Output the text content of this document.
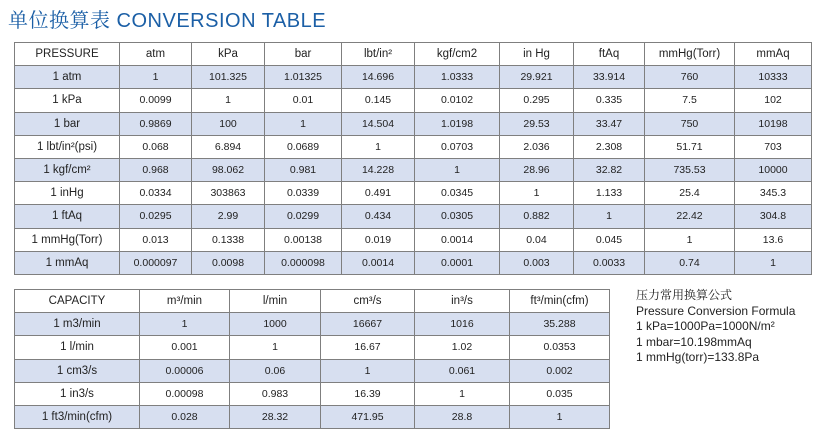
单位换算表 CONVERSION TABLE
PRESSURE	atm	kPa	bar	lbt/in²	kgf/cm2	in Hg	ftAq	mmHg(Torr)	mmAq
1 atm	1	101.325	1.01325	14.696	1.0333	29.921	33.914	760	10333
1 kPa	0.0099	1	0.01	0.145	0.0102	0.295	0.335	7.5	102
1 bar	0.9869	100	1	14.504	1.0198	29.53	33.47	750	10198
1 lbt/in²(psi)	0.068	6.894	0.0689	1	0.0703	2.036	2.308	51.71	703
1 kgf/cm²	0.968	98.062	0.981	14.228	1	28.96	32.82	735.53	10000
1 inHg	0.0334	303863	0.0339	0.491	0.0345	1	1.133	25.4	345.3
1 ftAq	0.0295	2.99	0.0299	0.434	0.0305	0.882	1	22.42	304.8
1 mmHg(Torr)	0.013	0.1338	0.00138	0.019	0.0014	0.04	0.045	1	13.6
1 mmAq	0.000097	0.0098	0.000098	0.0014	0.0001	0.003	0.0033	0.74	1
CAPACITY	m³/min	l/min	cm³/s	in³/s	ft³/min(cfm)
1 m3/min	1	1000	16667	1016	35.288
1 l/min	0.001	1	16.67	1.02	0.0353
1 cm3/s	0.00006	0.06	1	0.061	0.002
1 in3/s	0.00098	0.983	16.39	1	0.035
1 ft3/min(cfm)	0.028	28.32	471.95	28.8	1
压力常用换算公式
Pressure Conversion Formula
1 kPa=1000Pa=1000N/m²
1 mbar=10.198mmAq
1 mmHg(torr)=133.8Pa
